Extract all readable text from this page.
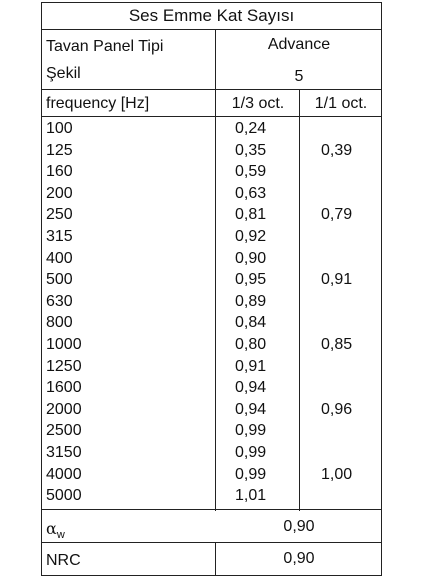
Ses Emme Kat Sayısı
Tavan Panel Tipi	Advance
Şekil	5
frequency [Hz]	1/3 oct.	1/1 oct.
100	0,24
125	0,35	0,39
160	0,59
200	0,63
250	0,81	0,79
315	0,92
400	0,90
500	0,95	0,91
630	0,89
800	0,84
1000	0,80	0,85
1250	0,91
1600	0,94
2000	0,94	0,96
2500	0,99
3150	0,99
4000	0,99	1,00
5000	1,01
$\alpha_w$	0,90
NRC	0,90
